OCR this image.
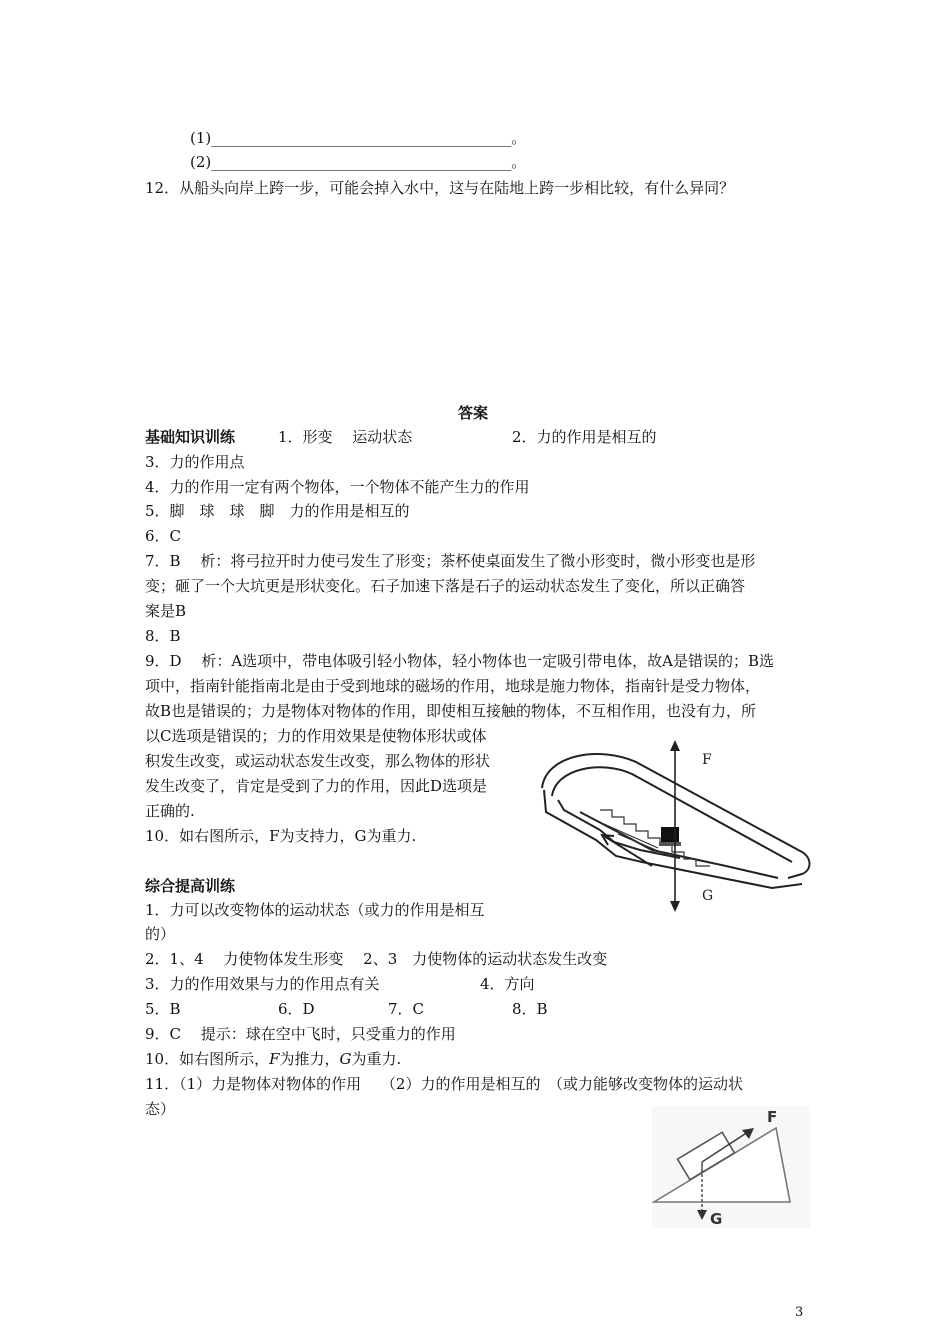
(1)________________________________________。
(2)________________________________________。
12．从船头向岸上跨一步，可能会掉入水中，这与在陆地上跨一步相比较，有什么异同？
答案
基础知识训练	1．形变　 运动状态	2．力的作用是相互的
3．力的作用点
4．力的作用一定有两个物体，一个物体不能产生力的作用
5．脚　球　球　脚　力的作用是相互的
6．C
7．B　 析：将弓拉开时力使弓发生了形变；茶杯使桌面发生了微小形变时，微小形变也是形
变；砸了一个大坑更是形状变化。石子加速下落是石子的运动状态发生了变化，所以正确答
案是B
8．B
9．D　 析：A选项中，带电体吸引轻小物体，轻小物体也一定吸引带电体，故A是错误的；B选
项中，指南针能指南北是由于受到地球的磁场的作用，地球是施力物体，指南针是受力物体，
故B也是错误的；力是物体对物体的作用，即使相互接触的物体，不互相作用，也没有力，所
以C选项是错误的；力的作用效果是使物体形状或体
积发生改变，或运动状态发生改变，那么物体的形状
发生改变了，肯定是受到了力的作用，因此D选项是
正确的.
10．如右图所示，F为支持力，G为重力.
F
G
综合提高训练
1．力可以改变物体的运动状态（或力的作用是相互
的）
2．1、4　 力使物体发生形变　 2、3　力使物体的运动状态发生改变
3．力的作用效果与力的作用点有关	4．方向
5．B	6．D	7．C	8．B
9．C　 提示：球在空中飞时，只受重力的作用
10．如右图所示，F为推力，G为重力.
11．（1）力是物体对物体的作用　 （2）力的作用是相互的　（或力能够改变物体的运动状
态）	F
G
3
